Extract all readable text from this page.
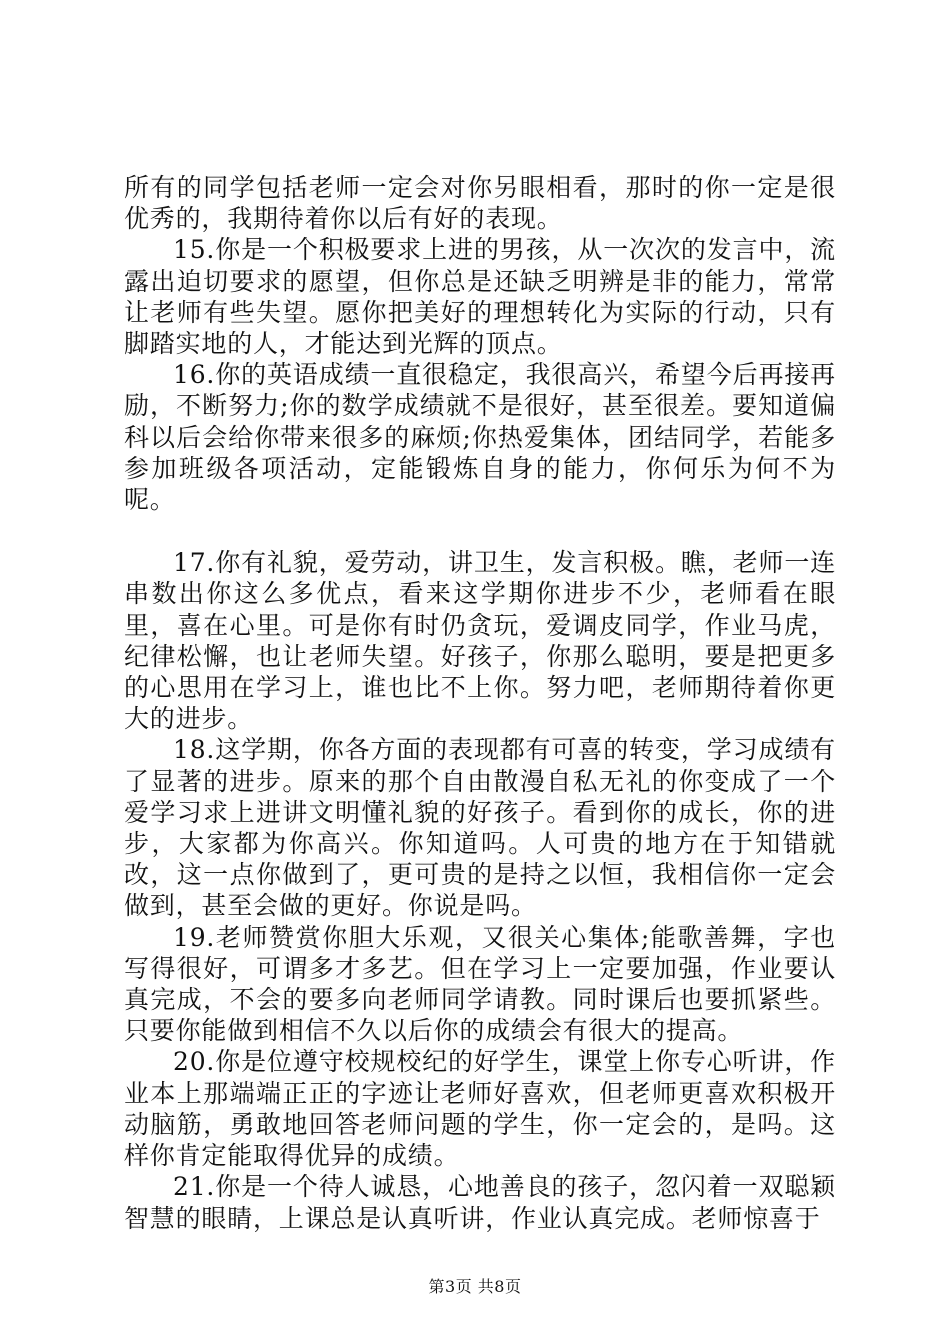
所有的同学包括老师一定会对你另眼相看，那时的你一定是很优秀的，我期待着你以后有好的表现。

15.你是一个积极要求上进的男孩，从一次次的发言中，流露出迫切要求的愿望，但你总是还缺乏明辨是非的能力，常常让老师有些失望。愿你把美好的理想转化为实际的行动，只有脚踏实地的人，才能达到光辉的顶点。

16.你的英语成绩一直很稳定，我很高兴，希望今后再接再励，不断努力;你的数学成绩就不是很好，甚至很差。要知道偏科以后会给你带来很多的麻烦;你热爱集体，团结同学，若能多参加班级各项活动，定能锻炼自身的能力，你何乐为何不为呢。

17.你有礼貌，爱劳动，讲卫生，发言积极。瞧，老师一连串数出你这么多优点，看来这学期你进步不少，老师看在眼里，喜在心里。可是你有时仍贪玩，爱调皮同学，作业马虎，纪律松懈，也让老师失望。好孩子，你那么聪明，要是把更多的心思用在学习上，谁也比不上你。努力吧，老师期待着你更大的进步。

18.这学期，你各方面的表现都有可喜的转变，学习成绩有了显著的进步。原来的那个自由散漫自私无礼的你变成了一个爱学习求上进讲文明懂礼貌的好孩子。看到你的成长，你的进步，大家都为你高兴。你知道吗。人可贵的地方在于知错就改，这一点你做到了，更可贵的是持之以恒，我相信你一定会做到，甚至会做的更好。你说是吗。

19.老师赞赏你胆大乐观，又很关心集体;能歌善舞，字也写得很好，可谓多才多艺。但在学习上一定要加强，作业要认真完成，不会的要多向老师同学请教。同时课后也要抓紧些。只要你能做到相信不久以后你的成绩会有很大的提高。

20.你是位遵守校规校纪的好学生，课堂上你专心听讲，作业本上那端端正正的字迹让老师好喜欢，但老师更喜欢积极开动脑筋，勇敢地回答老师问题的学生，你一定会的，是吗。这样你肯定能取得优异的成绩。

21.你是一个待人诚恳，心地善良的孩子，忽闪着一双聪颖智慧的眼睛，上课总是认真听讲，作业认真完成。老师惊喜于

第3页 共8页
